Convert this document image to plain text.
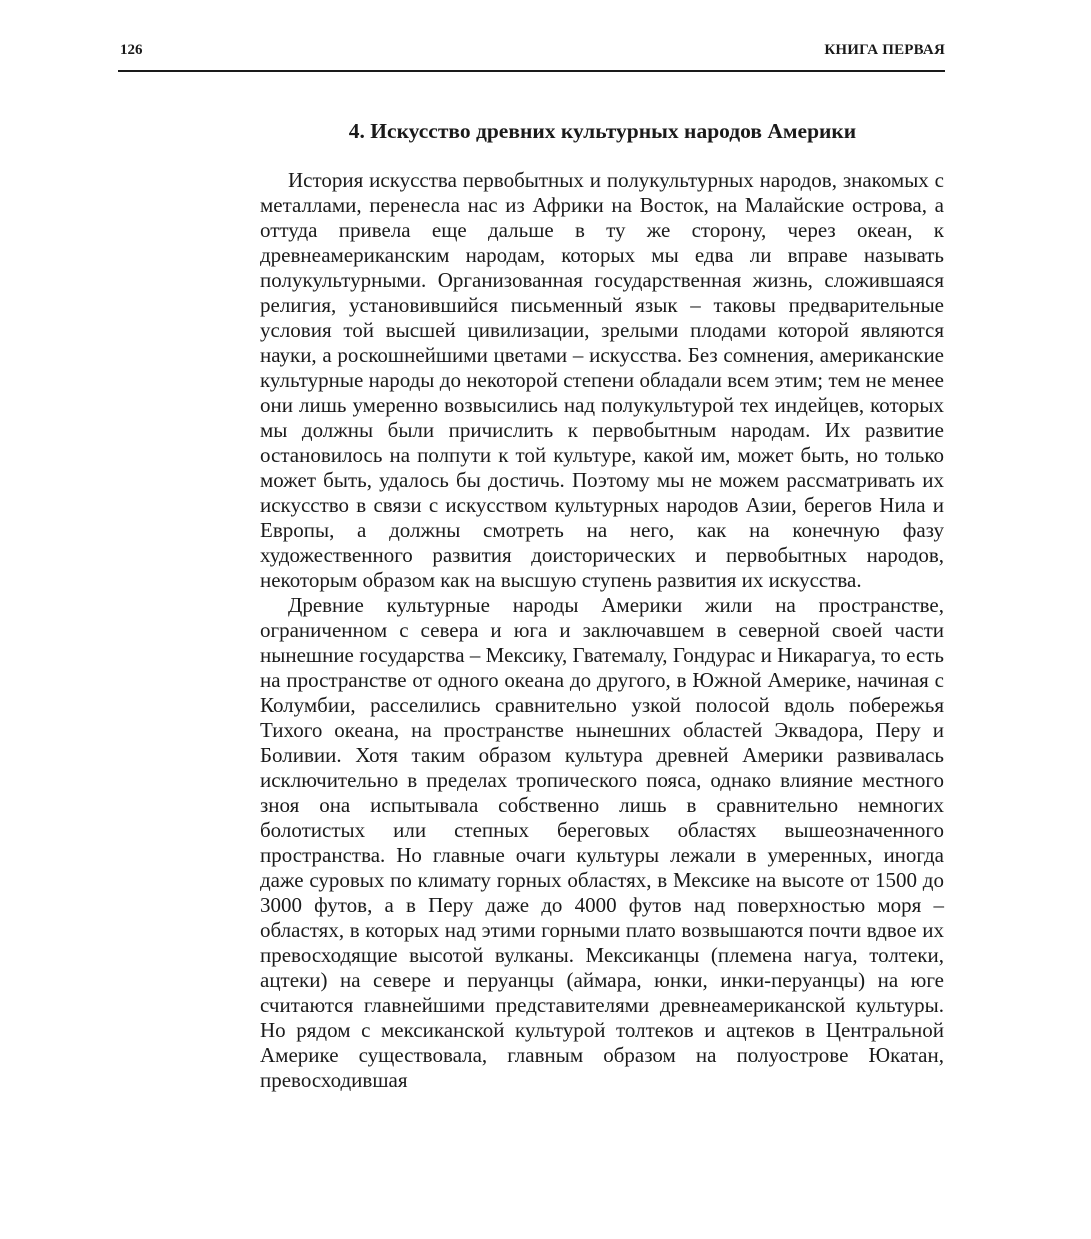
126	КНИГА ПЕРВАЯ
4. Искусство древних культурных народов Америки

История искусства первобытных и полукультурных народов, знакомых с металлами, перенесла нас из Африки на Восток, на Малайские острова, а оттуда привела еще дальше в ту же сторону, через океан, к древнеамериканским народам, которых мы едва ли вправе называть полукультурными. Организованная государственная жизнь, сложившаяся религия, установившийся письменный язык – таковы предварительные условия той высшей цивилизации, зрелыми плодами которой являются науки, а роскошнейшими цветами – искусства. Без сомнения, американские культурные народы до некоторой степени обладали всем этим; тем не менее они лишь умеренно возвысились над полукультурой тех индейцев, которых мы должны были причислить к первобытным народам. Их развитие остановилось на полпути к той культуре, какой им, может быть, но только может быть, удалось бы достичь. Поэтому мы не можем рассматривать их искусство в связи с искусством культурных народов Азии, берегов Нила и Европы, а должны смотреть на него, как на конечную фазу художественного развития доисторических и первобытных народов, некоторым образом как на высшую ступень развития их искусства.

Древние культурные народы Америки жили на пространстве, ограниченном с севера и юга и заключавшем в северной своей части нынешние государства – Мексику, Гватемалу, Гондурас и Никарагуа, то есть на пространстве от одного океана до другого, в Южной Америке, начиная с Колумбии, расселились сравнительно узкой полосой вдоль побережья Тихого океана, на пространстве нынешних областей Эквадора, Перу и Боливии. Хотя таким образом культура древней Америки развивалась исключительно в пределах тропического пояса, однако влияние местного зноя она испытывала собственно лишь в сравнительно немногих болотистых или степных береговых областях вышеозначенного пространства. Но главные очаги культуры лежали в умеренных, иногда даже суровых по климату горных областях, в Мексике на высоте от 1500 до 3000 футов, а в Перу даже до 4000 футов над поверхностью моря – областях, в которых над этими горными плато возвышаются почти вдвое их превосходящие высотой вулканы. Мексиканцы (племена нагуа, толтеки, ацтеки) на севере и перуанцы (аймара, юнки, инки-перуанцы) на юге считаются главнейшими представителями древнеамериканской культуры. Но рядом с мексиканской культурой толтеков и ацтеков в Центральной Америке существовала, главным образом на полуострове Юкатан, превосходившая
